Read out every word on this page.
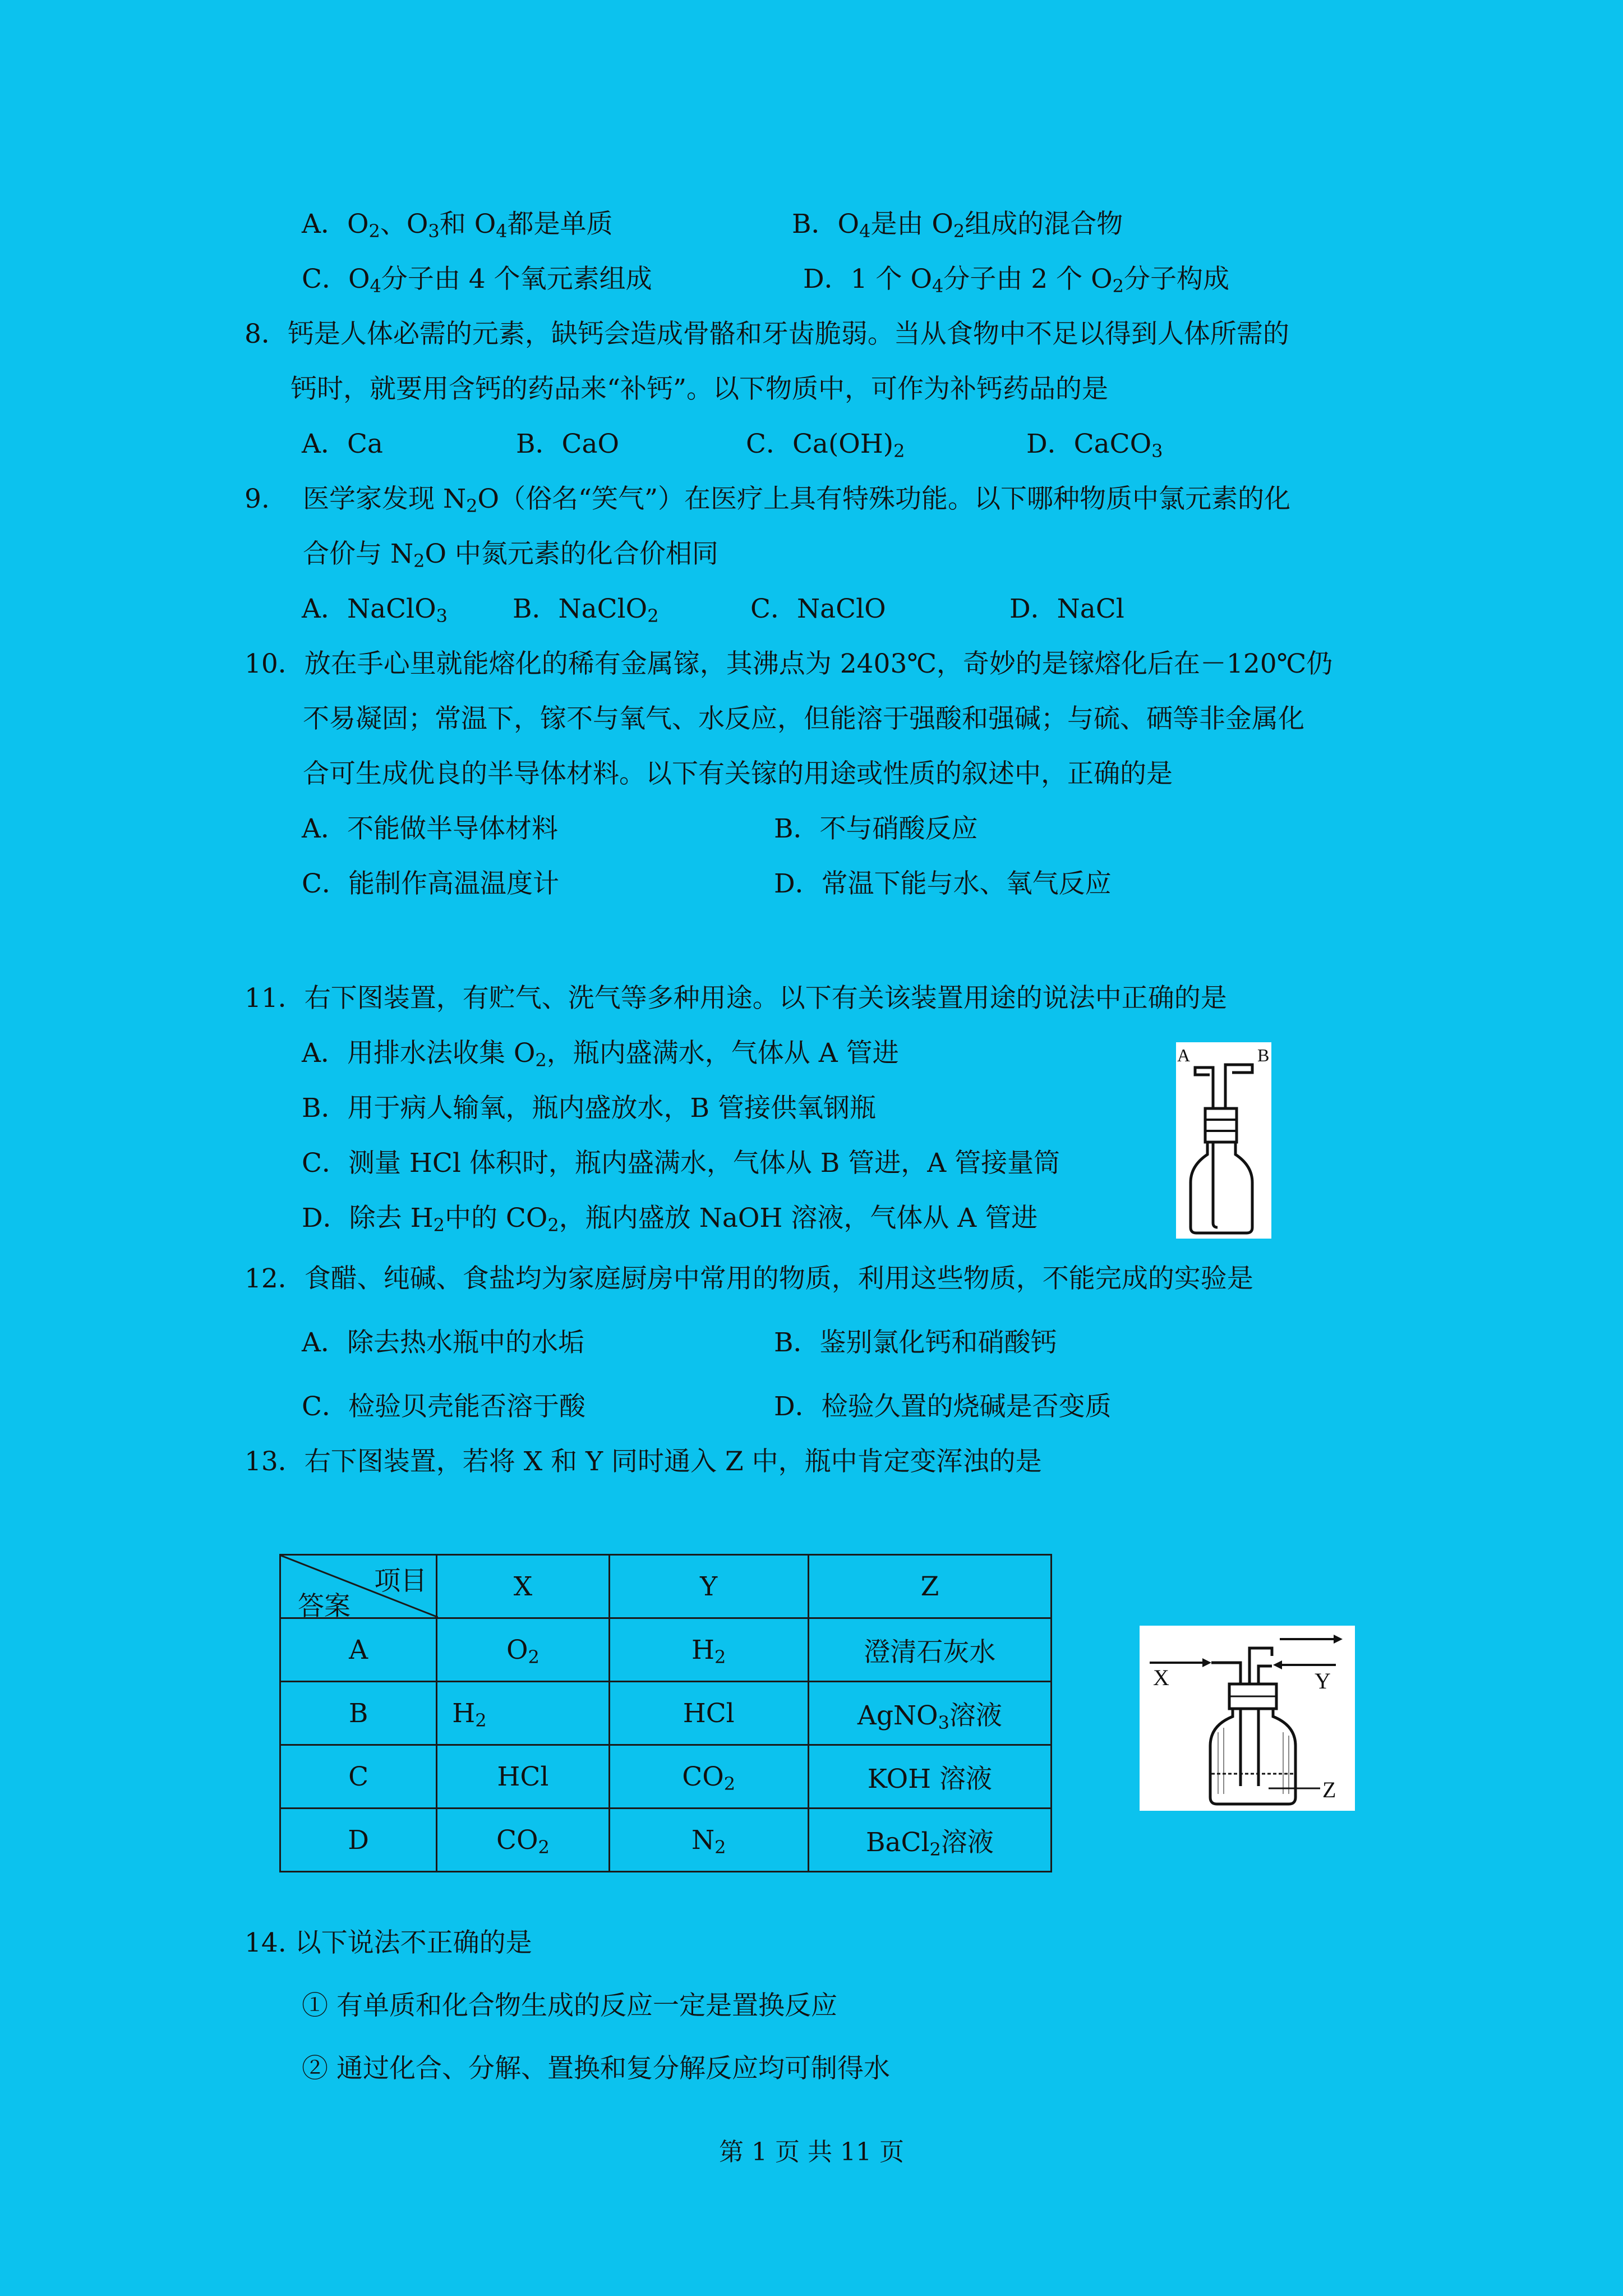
A．$O_2$、$O_3$和 $O_4$都是单质	B．$O_4$是由 $O_2$组成的混合物
C．$O_4$分子由 4 个氧元素组成	D．1 个 $O_4$分子由 2 个 $O_2$分子构成
8．钙是人体必需的元素，缺钙会造成骨骼和牙齿脆弱。当从食物中不足以得到人体所需的
钙时，就要用含钙的药品来“补钙”。以下物质中，可作为补钙药品的是
A．Ca	B．CaO	C．$Ca(OH)_2$	D．CaCO$_3$
9. 医学家发现 $N_2O$（俗名“笑气”）在医疗上具有特殊功能。以下哪种物质中氯元素的化
合价与 $N_2O$ 中氮元素的化合价相同
A．NaClO$_3$ B．NaClO$_2$	C．NaClO	D．NaCl
10．放在手心里就能熔化的稀有金属镓，其沸点为 2403℃，奇妙的是镓熔化后在－120℃仍
不易凝固；常温下，镓不与氧气、水反应，但能溶于强酸和强碱；与硫、硒等非金属化
合可生成优良的半导体材料。以下有关镓的用途或性质的叙述中，正确的是
A．不能做半导体材料	B．不与硝酸反应
C．能制作高温温度计	D．常温下能与水、氧气反应
11．右下图装置，有贮气、洗气等多种用途。以下有关该装置用途的说法中正确的是
A．用排水法收集 $O_2$，瓶内盛满水，气体从 A 管进
B．用于病人输氧，瓶内盛放水，B 管接供氧钢瓶
C．测量 HCl 体积时，瓶内盛满水，气体从 B 管进，A 管接量筒
D．除去 $H_2$中的 $CO_2$，瓶内盛放 NaOH 溶液，气体从 A 管进
A	B
12．食醋、纯碱、食盐均为家庭厨房中常用的物质，利用这些物质，不能完成的实验是
A．除去热水瓶中的水垢	B．鉴别氯化钙和硝酸钙
C．检验贝壳能否溶于酸	D．检验久置的烧碱是否变质
13．右下图装置，若将 X 和 Y 同时通入 Z 中，瓶中肯定变浑浊的是
项目
答案	X	Y	Z
A	$O_2$	$H_2$	澄清石灰水
B	$H_2$	HCl	AgNO$_3$溶液
C	HCl	$CO_2$	KOH 溶液
D	$CO_2$	$N_2$	BaCl$_2$溶液
X	Y
Z
14. 以下说法不正确的是
① 有单质和化合物生成的反应一定是置换反应
② 通过化合、分解、置换和复分解反应均可制得水
第 1 页 共 11 页
